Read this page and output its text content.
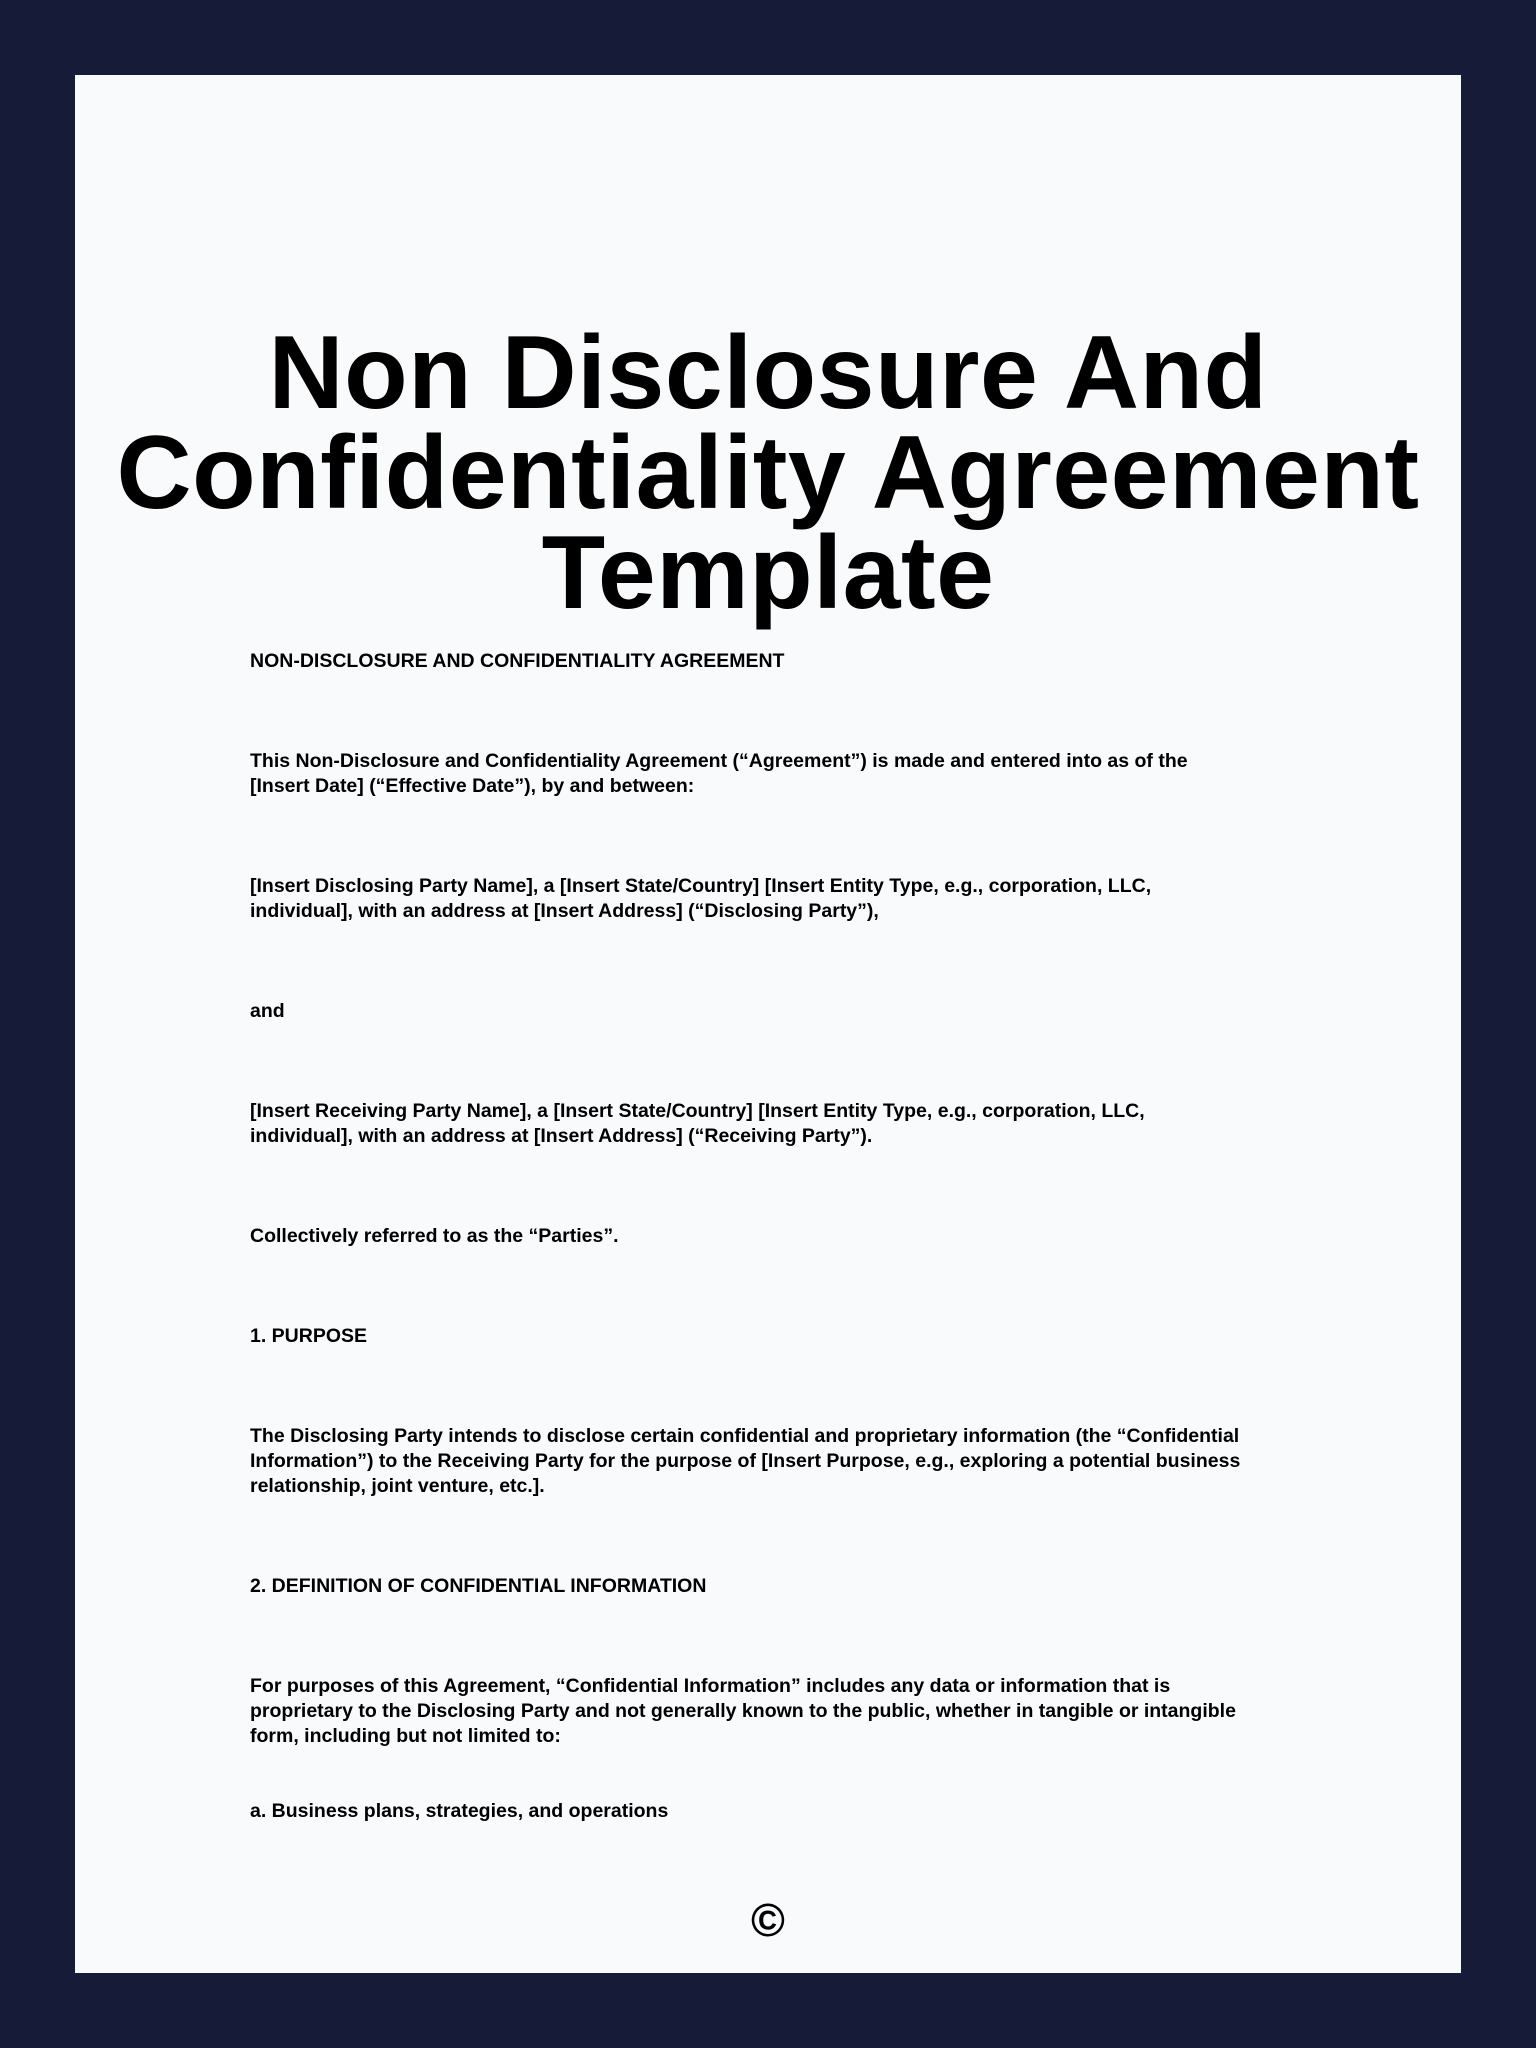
Non Disclosure And
Confidentiality Agreement
Template

NON-DISCLOSURE AND CONFIDENTIALITY AGREEMENT

This Non-Disclosure and Confidentiality Agreement (“Agreement”) is made and entered into as of the
[Insert Date] (“Effective Date”), by and between:

[Insert Disclosing Party Name], a [Insert State/Country] [Insert Entity Type, e.g., corporation, LLC,
individual], with an address at [Insert Address] (“Disclosing Party”),

and

[Insert Receiving Party Name], a [Insert State/Country] [Insert Entity Type, e.g., corporation, LLC,
individual], with an address at [Insert Address] (“Receiving Party”).

Collectively referred to as the “Parties”.

1. PURPOSE

The Disclosing Party intends to disclose certain confidential and proprietary information (the “Confidential
Information”) to the Receiving Party for the purpose of [Insert Purpose, e.g., exploring a potential business
relationship, joint venture, etc.].

2. DEFINITION OF CONFIDENTIAL INFORMATION

For purposes of this Agreement, “Confidential Information” includes any data or information that is
proprietary to the Disclosing Party and not generally known to the public, whether in tangible or intangible
form, including but not limited to:

a. Business plans, strategies, and operations

©
